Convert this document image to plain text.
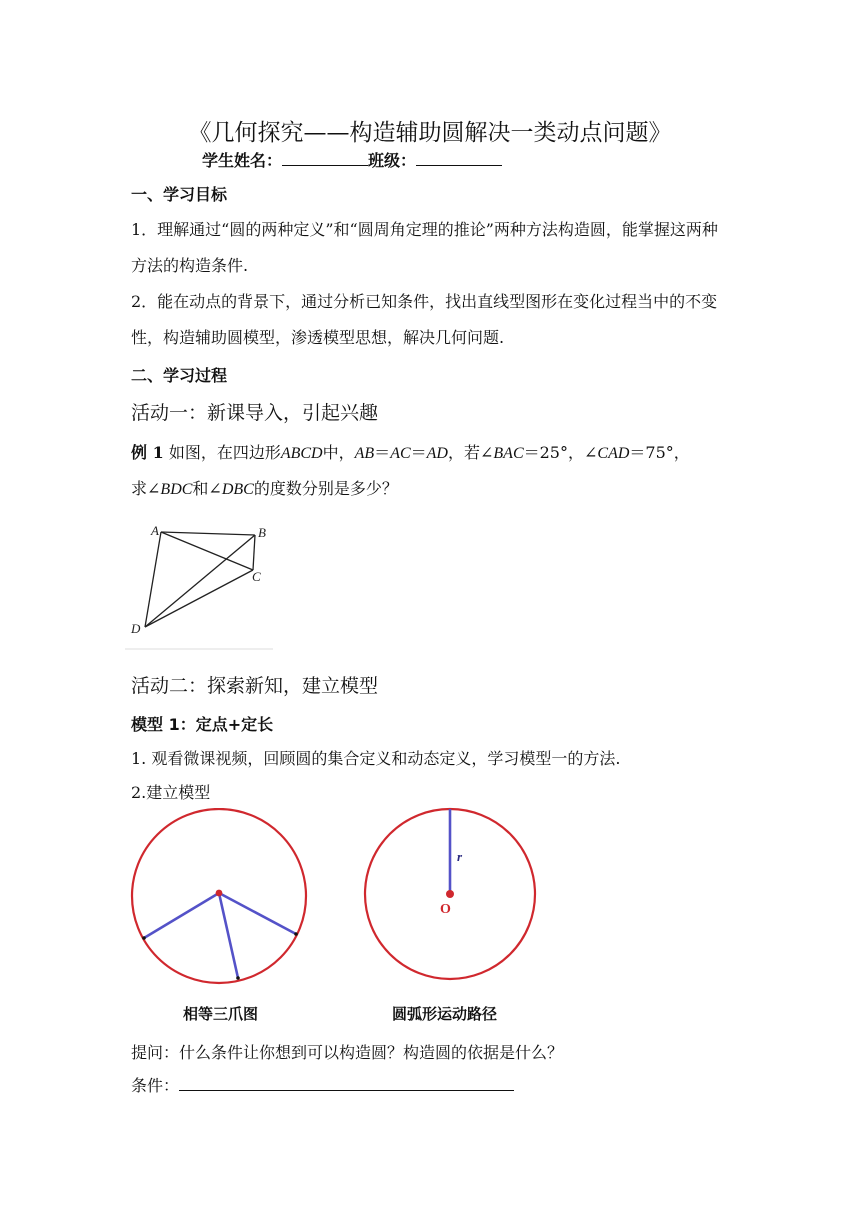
《几何探究——构造辅助圆解决一类动点问题》
学生姓名：	班级：
一、学习目标
1．理解通过“圆的两种定义”和“圆周角定理的推论”两种方法构造圆，能掌握这两种方法的构造条件.
2．能在动点的背景下，通过分析已知条件，找出直线型图形在变化过程当中的不变性，构造辅助圆模型，渗透模型思想，解决几何问题.
二、学习过程
活动一：新课导入，引起兴趣
例 1 如图，在四边形ABCD中，AB＝AC＝AD，若∠BAC＝25°，∠CAD＝75°，
求∠BDC和∠DBC的度数分别是多少？
A	B
C
D
活动二：探索新知，建立模型
模型 1：定点+定长
1. 观看微课视频，回顾圆的集合定义和动态定义，学习模型一的方法.
2.建立模型
r
O
相等三爪图	圆弧形运动路径
提问：什么条件让你想到可以构造圆？构造圆的依据是什么？
条件：
